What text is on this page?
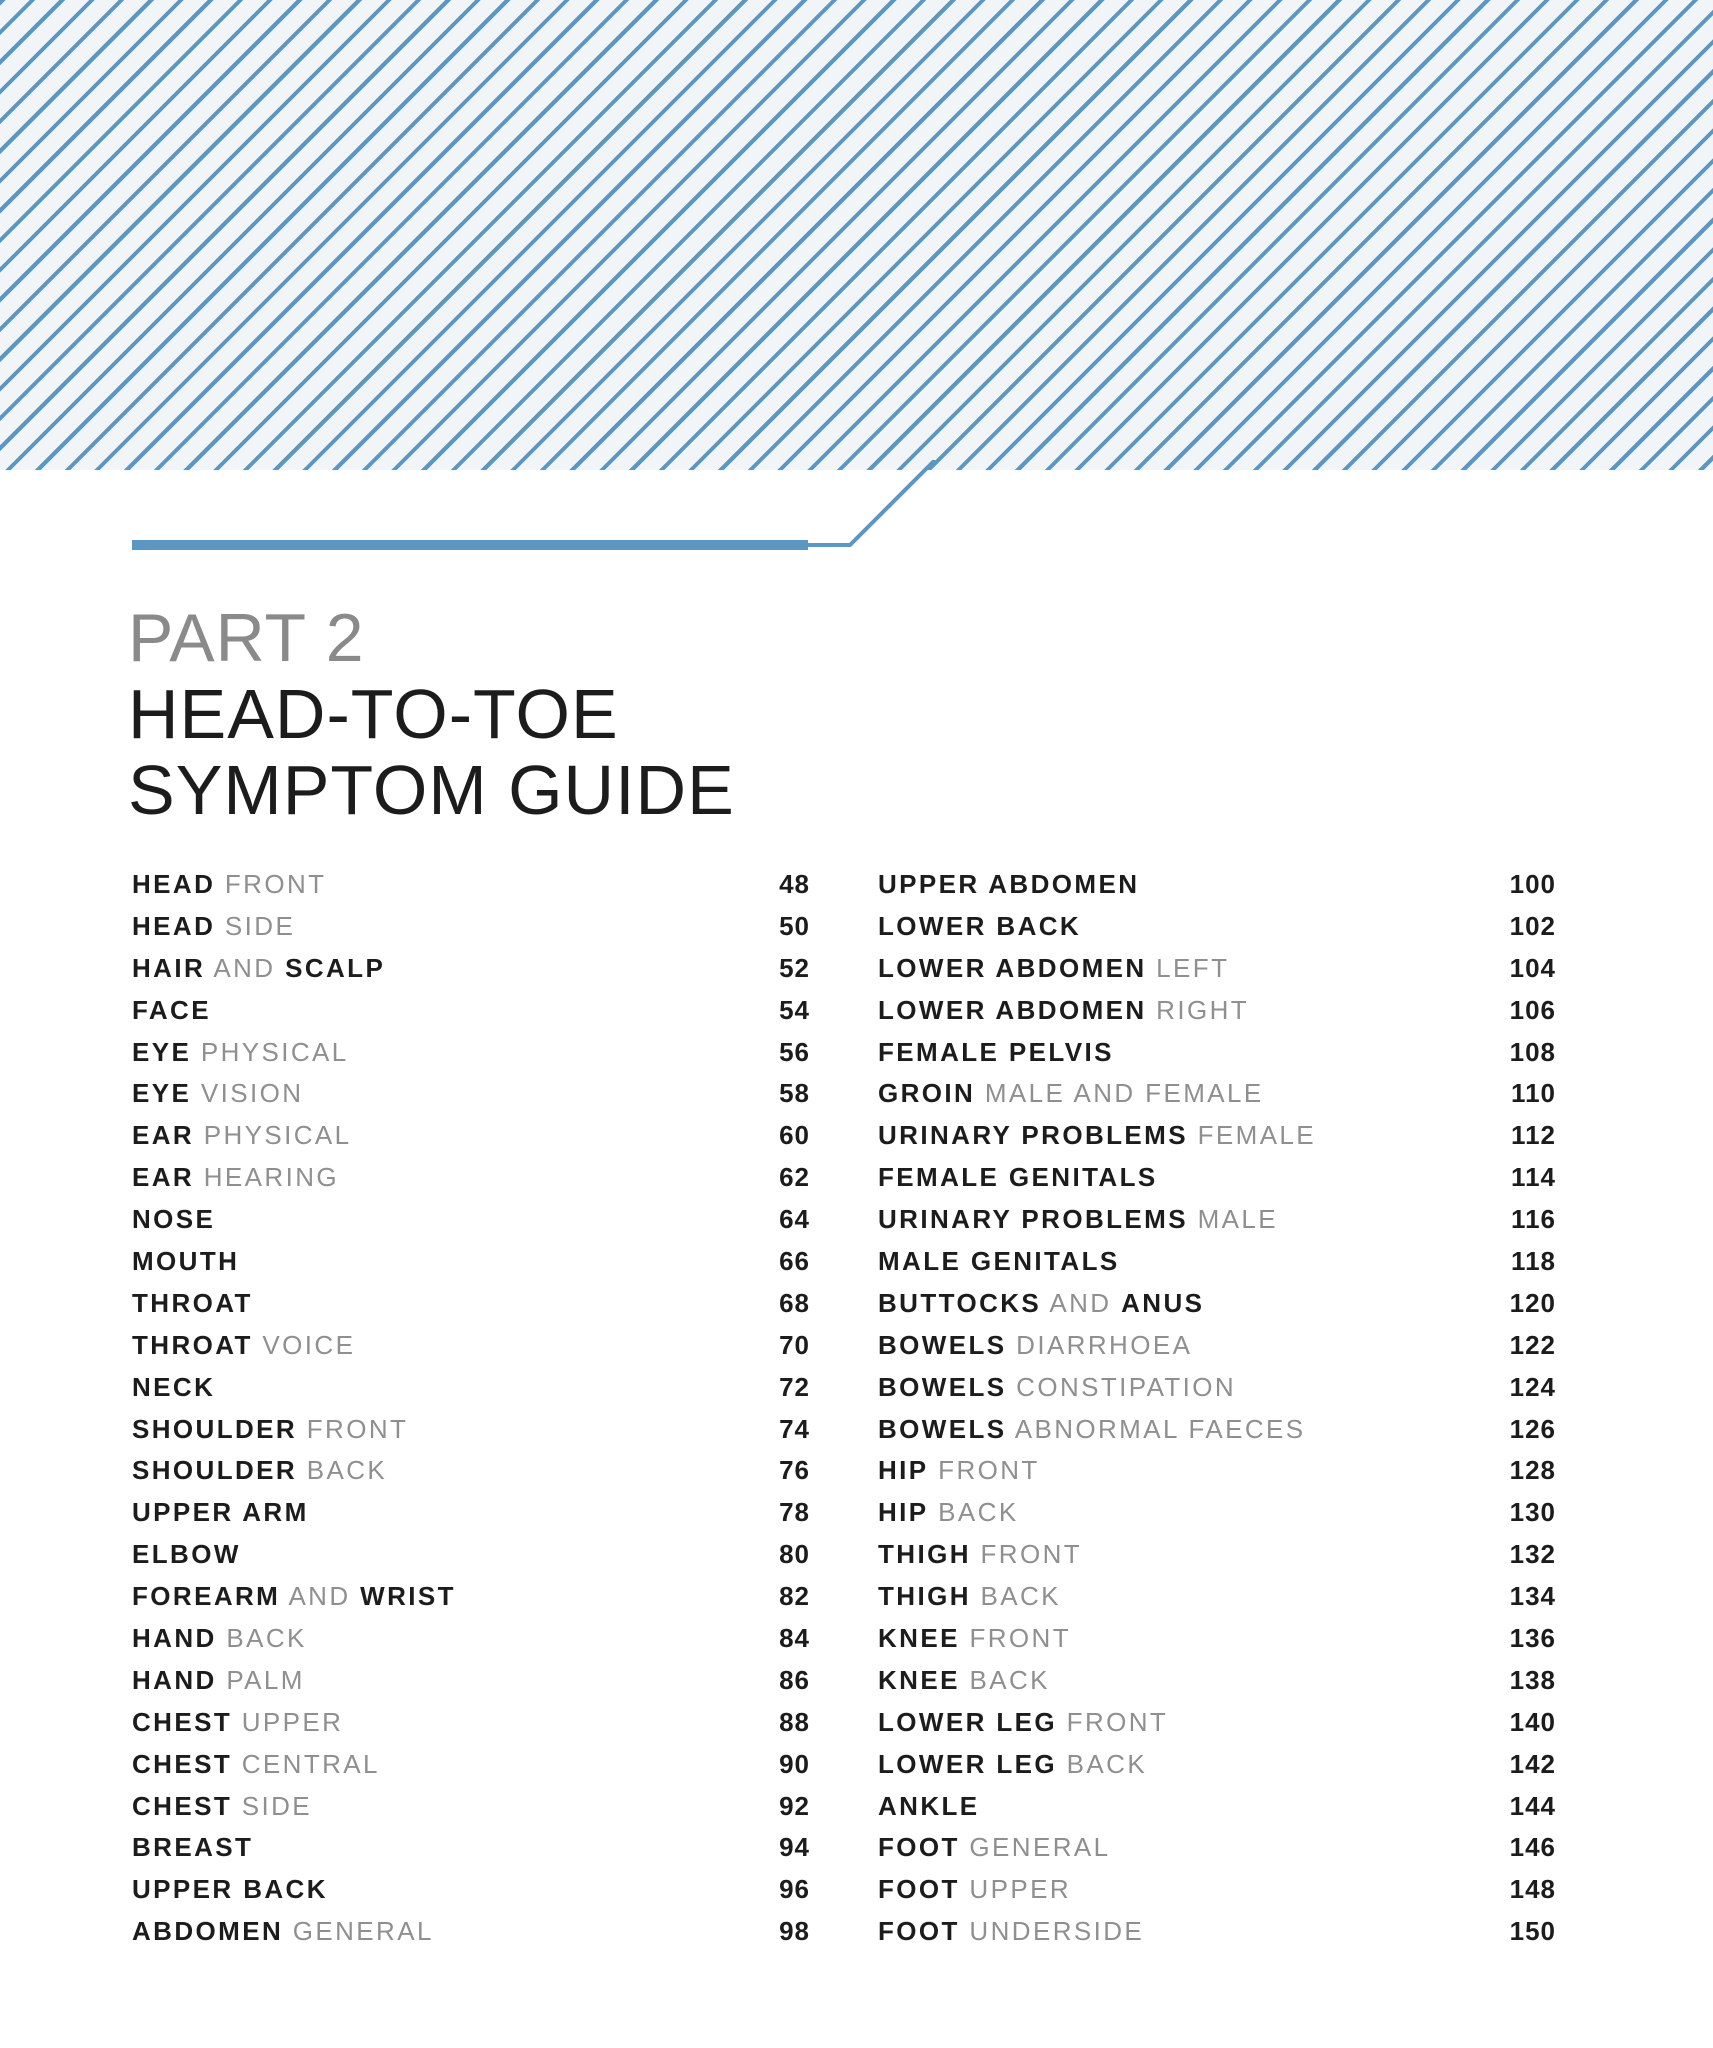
PART 2
HEAD-TO-TOE
SYMPTOM GUIDE
HEAD FRONT	48
HEAD SIDE	50
HAIR AND SCALP	52
FACE	54
EYE PHYSICAL	56
EYE VISION	58
EAR PHYSICAL	60
EAR HEARING	62
NOSE	64
MOUTH	66
THROAT	68
THROAT VOICE	70
NECK	72
SHOULDER FRONT	74
SHOULDER BACK	76
UPPER ARM	78
ELBOW	80
FOREARM AND WRIST	82
HAND BACK	84
HAND PALM	86
CHEST UPPER	88
CHEST CENTRAL	90
CHEST SIDE	92
BREAST	94
UPPER BACK	96
ABDOMEN GENERAL	98
UPPER ABDOMEN	100
LOWER BACK	102
LOWER ABDOMEN LEFT	104
LOWER ABDOMEN RIGHT	106
FEMALE PELVIS	108
GROIN MALE AND FEMALE	110
URINARY PROBLEMS FEMALE	112
FEMALE GENITALS	114
URINARY PROBLEMS MALE	116
MALE GENITALS	118
BUTTOCKS AND ANUS	120
BOWELS DIARRHOEA	122
BOWELS CONSTIPATION	124
BOWELS ABNORMAL FAECES	126
HIP FRONT	128
HIP BACK	130
THIGH FRONT	132
THIGH BACK	134
KNEE FRONT	136
KNEE BACK	138
LOWER LEG FRONT	140
LOWER LEG BACK	142
ANKLE	144
FOOT GENERAL	146
FOOT UPPER	148
FOOT UNDERSIDE	150
